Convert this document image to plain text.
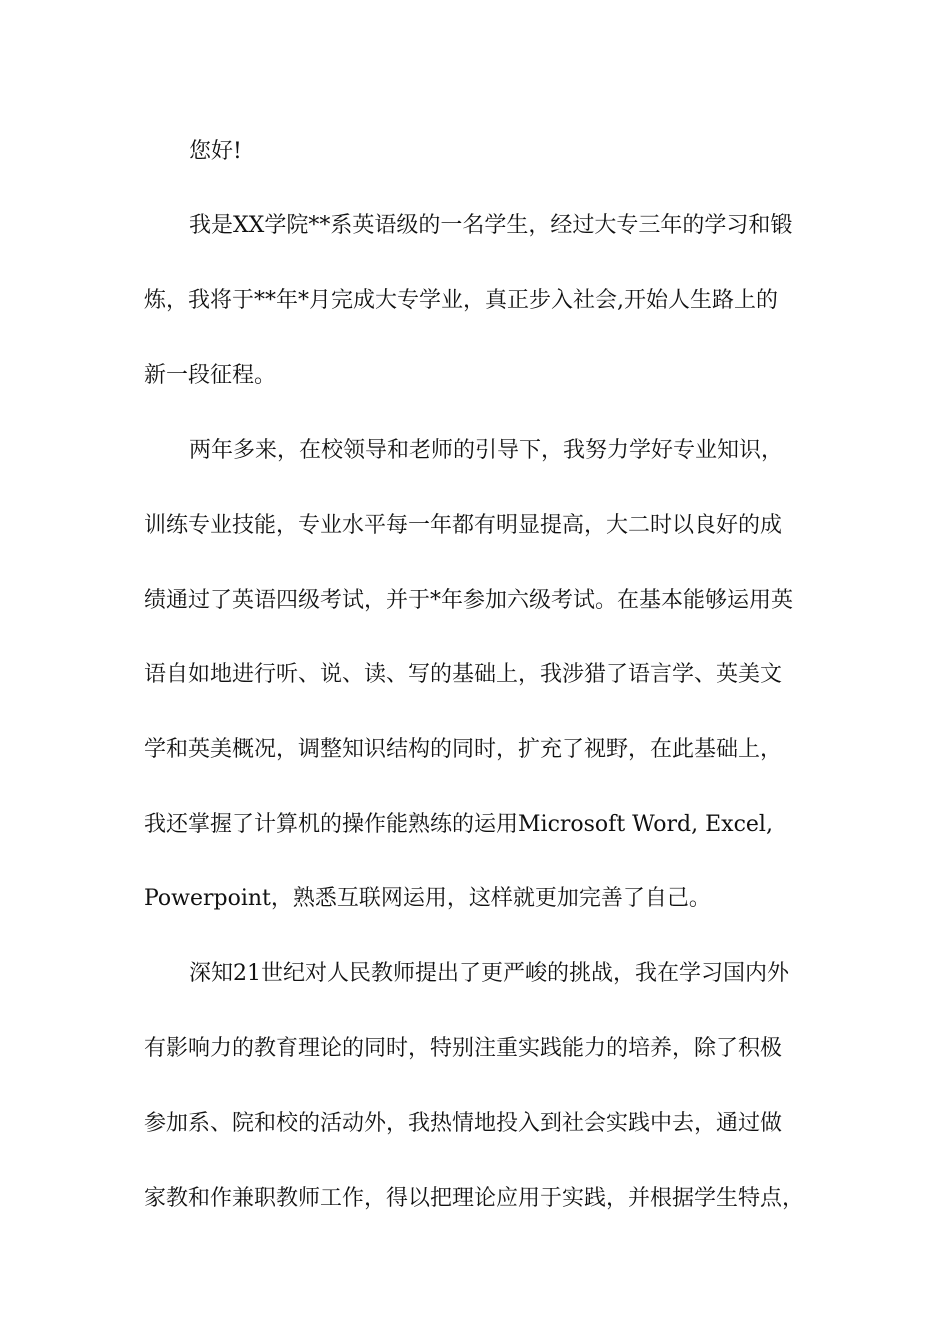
您好!
我是XX学院**系英语级的一名学生，经过大专三年的学习和锻
炼，我将于**年*月完成大专学业，真正步入社会,开始人生路上的
新一段征程。
两年多来，在校领导和老师的引导下，我努力学好专业知识，
训练专业技能，专业水平每一年都有明显提高，大二时以良好的成
绩通过了英语四级考试，并于*年参加六级考试。在基本能够运用英
语自如地进行听、说、读、写的基础上，我涉猎了语言学、英美文
学和英美概况，调整知识结构的同时，扩充了视野，在此基础上，
我还掌握了计算机的操作能熟练的运用Microsoft Word, Excel,
Powerpoint，熟悉互联网运用，这样就更加完善了自己。
深知21世纪对人民教师提出了更严峻的挑战，我在学习国内外
有影响力的教育理论的同时，特别注重实践能力的培养，除了积极
参加系、院和校的活动外，我热情地投入到社会实践中去，通过做
家教和作兼职教师工作，得以把理论应用于实践，并根据学生特点，
